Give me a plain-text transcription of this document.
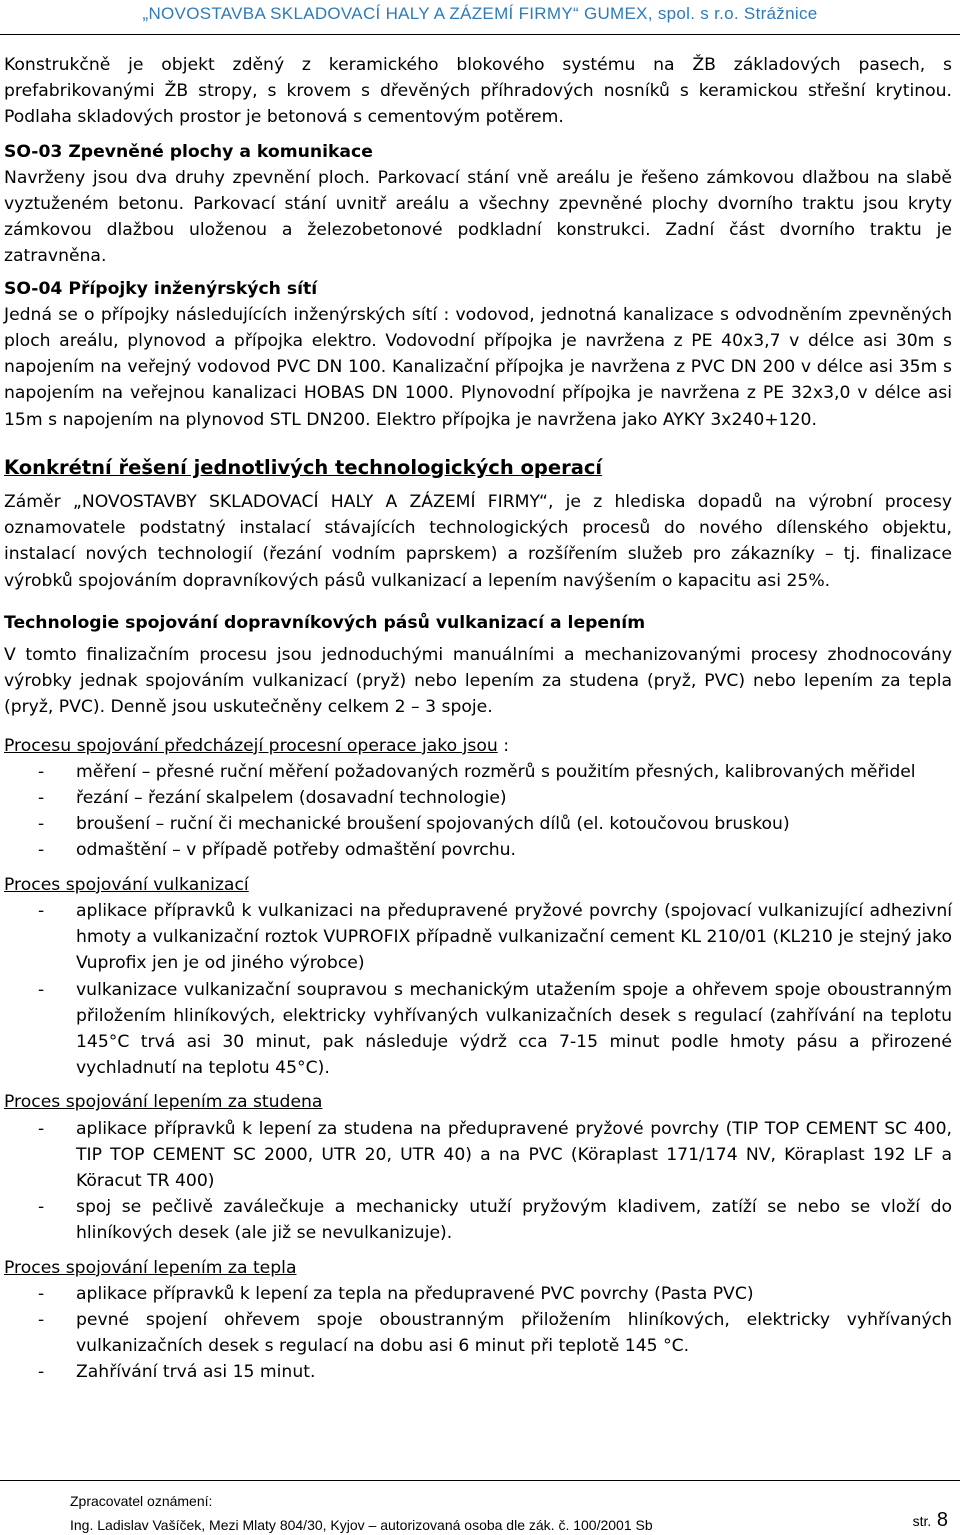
„NOVOSTAVBA SKLADOVACÍ HALY A ZÁZEMÍ FIRMY“ GUMEX, spol. s r.o. Strážnice

Konstrukčně je objekt zděný z keramického blokového systému na ŽB základových pasech, s prefabrikovanými ŽB stropy, s krovem s dřevěných příhradových nosníků s keramickou střešní krytinou. Podlaha skladových prostor je betonová s cementovým potěrem.

SO-03 Zpevněné plochy a komunikace

Navrženy jsou dva druhy zpevnění ploch. Parkovací stání vně areálu je řešeno zámkovou dlažbou na slabě vyztuženém betonu. Parkovací stání uvnitř areálu a všechny zpevněné plochy dvorního traktu jsou kryty zámkovou dlažbou uloženou a železobetonové podkladní konstrukci. Zadní část dvorního traktu je zatravněna.

SO-04 Přípojky inženýrských sítí

Jedná se o přípojky následujících inženýrských sítí : vodovod, jednotná kanalizace s odvodněním zpevněných ploch areálu, plynovod a přípojka elektro. Vodovodní přípojka je navržena z PE 40x3,7 v délce asi 30m s napojením na veřejný vodovod PVC DN 100. Kanalizační přípojka je navržena z PVC DN 200 v délce asi 35m s napojením na veřejnou kanalizaci HOBAS DN 1000. Plynovodní přípojka je navržena z PE 32x3,0 v délce asi 15m s napojením na plynovod STL DN200. Elektro přípojka je navržena jako AYKY 3x240+120.

Konkrétní řešení jednotlivých technologických operací

Záměr „NOVOSTAVBY SKLADOVACÍ HALY A ZÁZEMÍ FIRMY“, je z hlediska dopadů na výrobní procesy oznamovatele podstatný instalací stávajících technologických procesů do nového dílenského objektu, instalací nových technologií (řezání vodním paprskem) a rozšířením služeb pro zákazníky – tj. finalizace výrobků spojováním dopravníkových pásů vulkanizací a lepením navýšením o kapacitu asi 25%.

Technologie spojování dopravníkových pásů vulkanizací a lepením

V tomto finalizačním procesu jsou jednoduchými manuálními a mechanizovanými procesy zhodnocovány výrobky jednak spojováním vulkanizací (pryž) nebo lepením za studena (pryž, PVC) nebo lepením za tepla (pryž, PVC). Denně jsou uskutečněny celkem 2 – 3 spoje.

Procesu spojování předcházejí procesní operace jako jsou :

- měření – přesné ruční měření požadovaných rozměrů s použitím přesných, kalibrovaných měřidel
- řezání – řezání skalpelem (dosavadní technologie)
- broušení – ruční či mechanické broušení spojovaných dílů (el. kotoučovou bruskou)
- odmaštění – v případě potřeby odmaštění povrchu.

Proces spojování vulkanizací

- aplikace přípravků k vulkanizaci na předupravené pryžové povrchy (spojovací vulkanizující adhezivní hmoty a vulkanizační roztok VUPROFIX případně vulkanizační cement KL 210/01 (KL210 je stejný jako Vuprofix jen je od jiného výrobce)
- vulkanizace vulkanizační soupravou s mechanickým utažením spoje a ohřevem spoje oboustranným přiložením hliníkových, elektricky vyhřívaných vulkanizačních desek s regulací (zahřívání na teplotu 145°C trvá asi 30 minut, pak následuje výdrž cca 7-15 minut podle hmoty pásu a přirozené vychladnutí na teplotu 45°C).

Proces spojování lepením za studena

- aplikace přípravků k lepení za studena na předupravené pryžové povrchy (TIP TOP CEMENT SC 400, TIP TOP CEMENT SC 2000, UTR 20, UTR 40) a na PVC (Köraplast 171/174 NV, Köraplast 192 LF a Köracut TR 400)
- spoj se pečlivě zaválečkuje a mechanicky utuží pryžovým kladivem, zatíží se nebo se vloží do hliníkových desek (ale již se nevulkanizuje).

Proces spojování lepením za tepla

- aplikace přípravků k lepení za tepla na předupravené PVC povrchy (Pasta PVC)
- pevné spojení ohřevem spoje oboustranným přiložením hliníkových, elektricky vyhřívaných vulkanizačních desek s regulací na dobu asi 6 minut při teplotě 145 °C.
- Zahřívání trvá asi 15 minut.
Zpracovatel oznámení:
Ing. Ladislav Vašíček, Mezi Mlaty 804/30, Kyjov – autorizovaná osoba dle zák. č. 100/2001 Sb	str. 8
